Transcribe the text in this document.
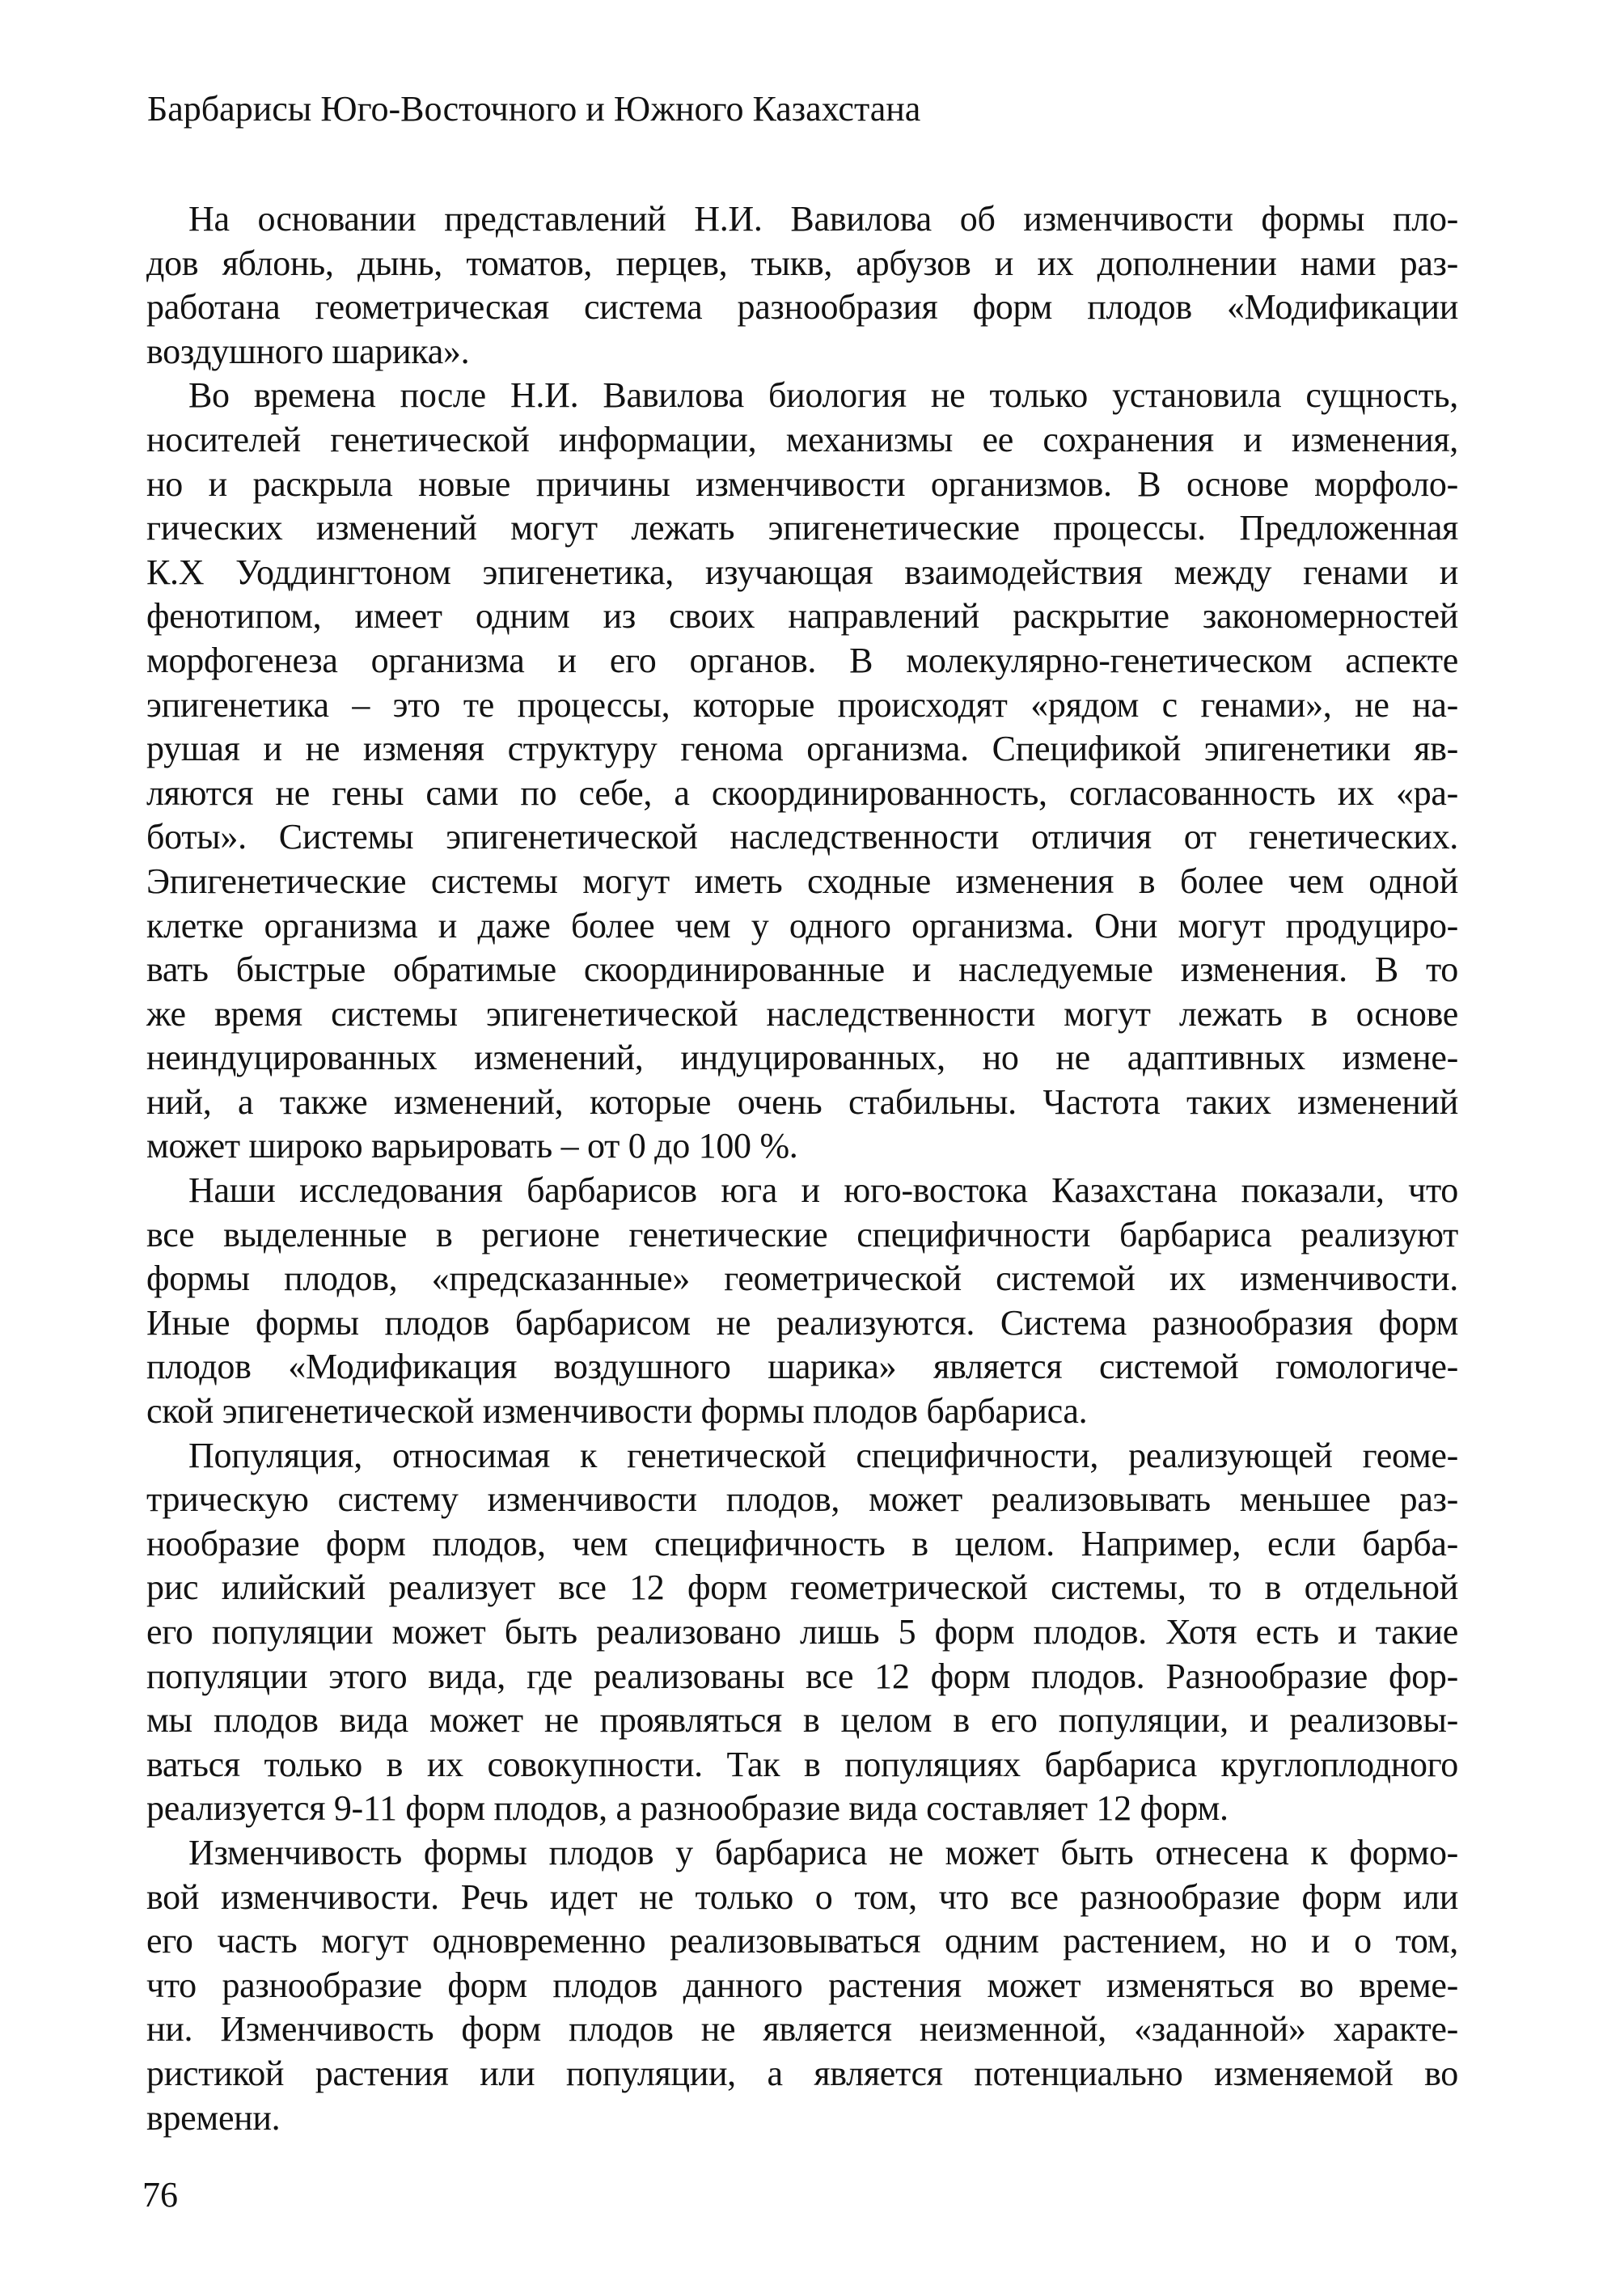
Барбарисы Юго-Восточного и Южного Казахстана
На основании представлений Н.И. Вавилова об изменчивости формы пло-
дов яблонь, дынь, томатов, перцев, тыкв, арбузов и их дополнении нами раз-
работана геометрическая система разнообразия форм плодов «Модификации
воздушного шарика».
Во времена после Н.И. Вавилова биология не только установила сущность,
носителей генетической информации, механизмы ее сохранения и изменения,
но и раскрыла новые причины изменчивости организмов. В основе морфоло-
гических изменений могут лежать эпигенетические процессы. Предложенная
К.Х Уоддингтоном эпигенетика, изучающая взаимодействия между генами и
фенотипом, имеет одним из своих направлений раскрытие закономерностей
морфогенеза организма и его органов. В молекулярно-генетическом аспекте
эпигенетика – это те процессы, которые происходят «рядом с генами», не на-
рушая и не изменяя структуру генома организма. Спецификой эпигенетики яв-
ляются не гены сами по себе, а скоординированность, согласованность их «ра-
боты». Системы эпигенетической наследственности отличия от генетических.
Эпигенетические системы могут иметь сходные изменения в более чем одной
клетке организма и даже более чем у одного организма. Они могут продуциро-
вать быстрые обратимые скоординированные и наследуемые изменения. В то
же время системы эпигенетической наследственности могут лежать в основе
неиндуцированных изменений, индуцированных, но не адаптивных измене-
ний, а также изменений, которые очень стабильны. Частота таких изменений
может широко варьировать – от 0 до 100 %.
Наши исследования барбарисов юга и юго-востока Казахстана показали, что
все выделенные в регионе генетические специфичности барбариса реализуют
формы плодов, «предсказанные» геометрической системой их изменчивости.
Иные формы плодов барбарисом не реализуются. Система разнообразия форм
плодов «Модификация воздушного шарика» является системой гомологиче-
ской эпигенетической изменчивости формы плодов барбариса.
Популяция, относимая к генетической специфичности, реализующей геоме-
трическую систему изменчивости плодов, может реализовывать меньшее раз-
нообразие форм плодов, чем специфичность в целом. Например, если барба-
рис илийский реализует все 12 форм геометрической системы, то в отдельной
его популяции может быть реализовано лишь 5 форм плодов. Хотя есть и такие
популяции этого вида, где реализованы все 12 форм плодов. Разнообразие фор-
мы плодов вида может не проявляться в целом в его популяции, и реализовы-
ваться только в их совокупности. Так в популяциях барбариса круглоплодного
реализуется 9-11 форм плодов, а разнообразие вида составляет 12 форм.
Изменчивость формы плодов у барбариса не может быть отнесена к формо-
вой изменчивости. Речь идет не только о том, что все разнообразие форм или
его часть могут одновременно реализовываться одним растением, но и о том,
что разнообразие форм плодов данного растения может изменяться во време-
ни. Изменчивость форм плодов не является неизменной, «заданной» характе-
ристикой растения или популяции, а является потенциально изменяемой во
времени.
76
